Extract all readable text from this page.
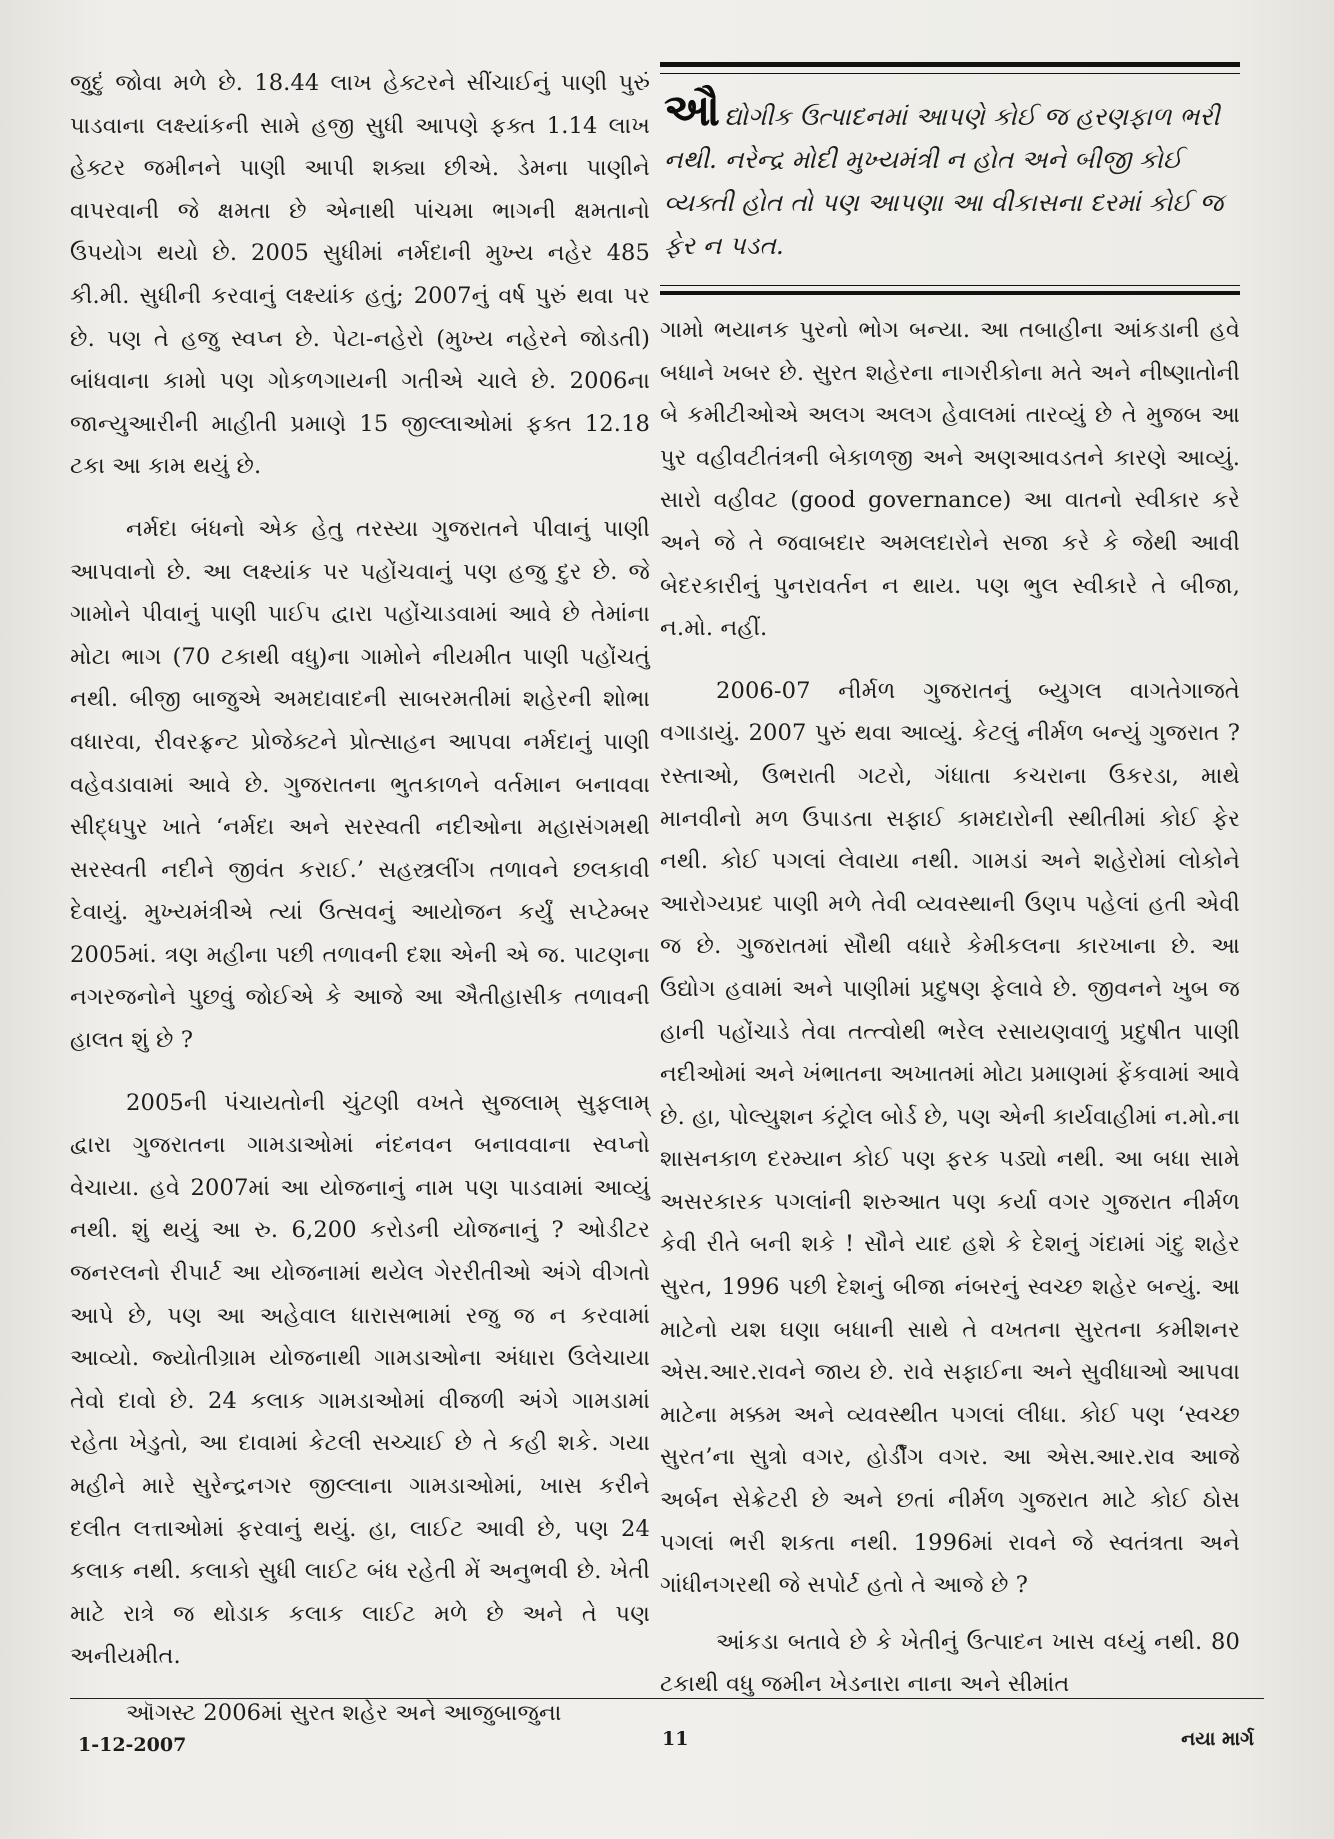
જુદું જોવા મળે છે. 18.44 લાખ હેક્ટરને સીંચાઈનું પાણી પુરું પાડવાના લક્ષ્યાંકની સામે હજી સુધી આપણે ફક્ત 1.14 લાખ હેક્ટર જમીનને પાણી આપી શક્યા છીએ. ડેમના પાણીને વાપરવાની જે ક્ષમતા છે એનાથી પાંચમા ભાગની ક્ષમતાનો ઉપયોગ થયો છે. 2005 સુધીમાં નર્મદાની મુખ્ય નહેર 485 કી.મી. સુધીની કરવાનું લક્ષ્યાંક હતું; 2007નું વર્ષ પુરું થવા પર છે. પણ તે હજુ સ્વપ્ન છે. પેટા-નહેરો (મુખ્ય નહેરને જોડતી) બાંધવાના કામો પણ ગોકળગાયની ગતીએ ચાલે છે. 2006ના જાન્યુઆરીની માહીતી પ્રમાણે 15 જીલ્લાઓમાં ફક્ત 12.18 ટકા આ કામ થયું છે.

નર્મદા બંધનો એક હેતુ તરસ્યા ગુજરાતને પીવાનું પાણી આપવાનો છે. આ લક્ષ્યાંક પર પહોંચવાનું પણ હજુ દુર છે. જે ગામોને પીવાનું પાણી પાઈપ દ્વારા પહોંચાડવામાં આવે છે તેમાંના મોટા ભાગ (70 ટકાથી વધુ)ના ગામોને નીયમીત પાણી પહોંચતું નથી. બીજી બાજુએ અમદાવાદની સાબરમતીમાં શહેરની શોભા વધારવા, રીવરફ્રન્ટ પ્રોજેક્ટને પ્રોત્સાહન આપવા નર્મદાનું પાણી વહેવડાવામાં આવે છે. ગુજરાતના ભુતકાળને વર્તમાન બનાવવા સીદ્ધપુર ખાતે ‘નર્મદા અને સરસ્વતી નદીઓના મહાસંગમથી સરસ્વતી નદીને જીવંત કરાઈ.’ સહસ્ત્રલીંગ તળાવને છલકાવી દેવાયું. મુખ્યમંત્રીએ ત્યાં ઉત્સવનું આયોજન કર્યું સપ્ટેમ્બર 2005માં. ત્રણ મહીના પછી તળાવની દશા એની એ જ. પાટણના નગરજનોને પુછવું જોઈએ કે આજે આ ઐતીહાસીક તળાવની હાલત શું છે ?

2005ની પંચાયતોની ચુંટણી વખતે સુજલામ્ સુફલામ્ દ્વારા ગુજરાતના ગામડાઓમાં નંદનવન બનાવવાના સ્વપ્નો વેચાયા. હવે 2007માં આ યોજનાનું નામ પણ પાડવામાં આવ્યું નથી. શું થયું આ રુ. 6,200 કરોડની યોજનાનું ? ઓડીટર જનરલનો રીપાર્ટ આ યોજનામાં થયેલ ગેરરીતીઓ અંગે વીગતો આપે છે, પણ આ અહેવાલ ધારાસભામાં રજુ જ ન કરવામાં આવ્યો. જ્યોતીગ્રામ યોજનાથી ગામડાઓના અંધારા ઉલેચાયા તેવો દાવો છે. 24 કલાક ગામડાઓમાં વીજળી અંગે ગામડામાં રહેતા ખેડુતો, આ દાવામાં કેટલી સચ્ચાઈ છે તે કહી શકે. ગયા મહીને મારે સુરેન્દ્રનગર જીલ્લાના ગામડાઓમાં, ખાસ કરીને દલીત લત્તાઓમાં ફરવાનું થયું. હા, લાઈટ આવી છે, પણ 24 કલાક નથી. કલાકો સુધી લાઈટ બંધ રહેતી મેં અનુભવી છે. ખેતી માટે રાત્રે જ થોડાક કલાક લાઈટ મળે છે અને તે પણ અનીયમીત.

ઑગસ્ટ 2006માં સુરત શહેર અને આજુબાજુના

ઔદ્યોગીક ઉત્પાદનમાં આપણે કોઈ જ હરણફાળ ભરી નથી. નરેન્દ્ર મોદી મુખ્યમંત્રી ન હોત અને બીજી કોઈ વ્યક્તી હોત તો પણ આપણા આ વીકાસના દરમાં કોઈ જ ફેર ન પડત.

ગામો ભયાનક પુરનો ભોગ બન્યા. આ તબાહીના આંકડાની હવે બધાને ખબર છે. સુરત શહેરના નાગરીકોના મતે અને નીષ્ણાતોની બે કમીટીઓએ અલગ અલગ હેવાલમાં તારવ્યું છે તે મુજબ આ પુર વહીવટીતંત્રની બેકાળજી અને અણઆવડતને કારણે આવ્યું. સારો વહીવટ (good governance) આ વાતનો સ્વીકાર કરે અને જે તે જવાબદાર અમલદારોને સજા કરે કે જેથી આવી બેદરકારીનું પુનરાવર્તન ન થાય. પણ ભુલ સ્વીકારે તે બીજા, ન.મો. નહીં.

2006-07 નીર્મળ ગુજરાતનું બ્યુગલ વાગતેગાજતે વગાડાયું. 2007 પુરું થવા આવ્યું. કેટલું નીર્મળ બન્યું ગુજરાત ? રસ્તાઓ, ઉભરાતી ગટરો, ગંધાતા કચરાના ઉકરડા, માથે માનવીનો મળ ઉપાડતા સફાઈ કામદારોની સ્થીતીમાં કોઈ ફેર નથી. કોઈ પગલાં લેવાયા નથી. ગામડાં અને શહેરોમાં લોકોને આરોગ્યપ્રદ પાણી મળે તેવી વ્યવસ્થાની ઉણપ પહેલાં હતી એવી જ છે. ગુજરાતમાં સૌથી વધારે કેમીકલના કારખાના છે. આ ઉદ્યોગ હવામાં અને પાણીમાં પ્રદુષણ ફેલાવે છે. જીવનને ખુબ જ હાની પહોંચાડે તેવા તત્ત્વોથી ભરેલ રસાયણવાળું પ્રદુષીત પાણી નદીઓમાં અને ખંભાતના અખાતમાં મોટા પ્રમાણમાં ફેંકવામાં આવે છે. હા, પોલ્યુશન કંટ્રોલ બોર્ડ છે, પણ એની કાર્યવાહીમાં ન.મો.ના શાસનકાળ દરમ્યાન કોઈ પણ ફરક પડ્યો નથી. આ બધા સામે અસરકારક પગલાંની શરુઆત પણ કર્યા વગર ગુજરાત નીર્મળ કેવી રીતે બની શકે ! સૌને યાદ હશે કે દેશનું ગંદામાં ગંદુ શહેર સુરત, 1996 પછી દેશનું બીજા નંબરનું સ્વચ્છ શહેર બન્યું. આ માટેનો યશ ઘણા બધાની સાથે તે વખતના સુરતના કમીશનર એસ.આર.રાવને જાય છે. રાવે સફાઈના અને સુવીધાઓ આપવા માટેના મક્કમ અને વ્યવસ્થીત પગલાં લીધા. કોઈ પણ ‘સ્વચ્છ સુરત’ના સુત્રો વગર, હોર્ડીંગ વગર. આ એસ.આર.રાવ આજે અર્બન સેક્રેટરી છે અને છતાં નીર્મળ ગુજરાત માટે કોઈ ઠોસ પગલાં ભરી શકતા નથી. 1996માં રાવને જે સ્વતંત્રતા અને ગાંધીનગરથી જે સપોર્ટ હતો તે આજે છે ?

આંકડા બતાવે છે કે ખેતીનું ઉત્પાદન ખાસ વધ્યું નથી. 80 ટકાથી વધુ જમીન ખેડનારા નાના અને સીમાંત

1-12-2007	11	નયા માર્ગ
